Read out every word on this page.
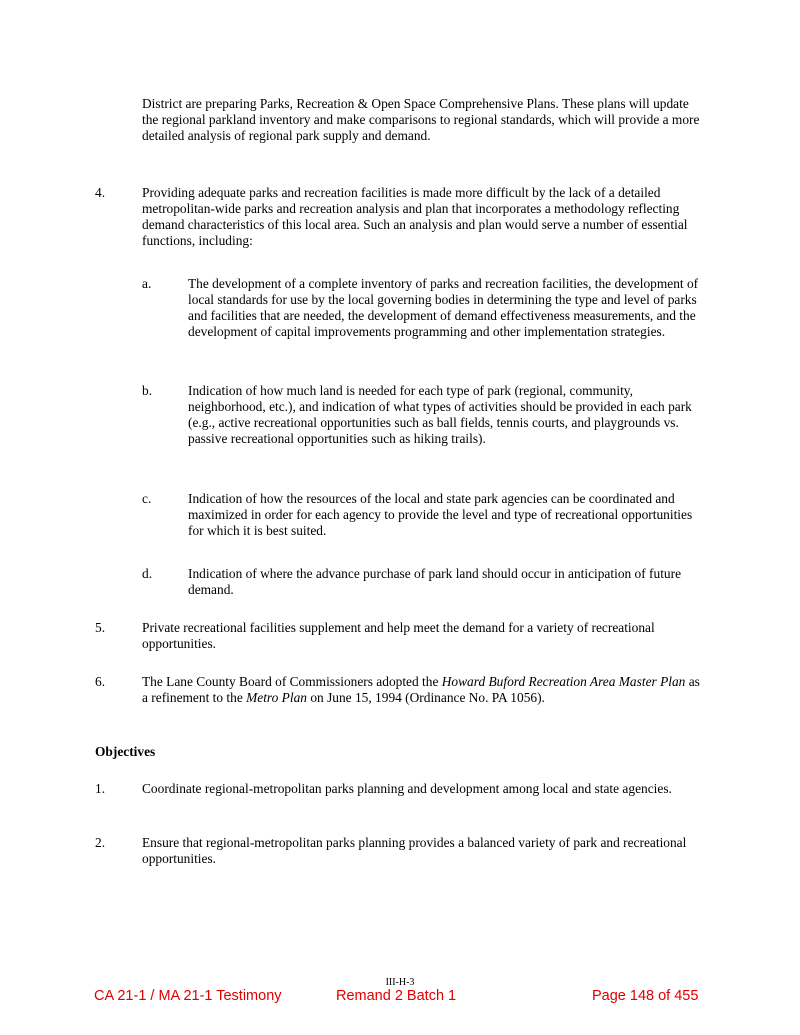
District are preparing Parks, Recreation & Open Space Comprehensive Plans. These plans will update the regional parkland inventory and make comparisons to regional standards, which will provide a more detailed analysis of regional park supply and demand.

4.	Providing adequate parks and recreation facilities is made more difficult by the lack of a detailed metropolitan-wide parks and recreation analysis and plan that incorporates a methodology reflecting demand characteristics of this local area. Such an analysis and plan would serve a number of essential functions, including:

a.	The development of a complete inventory of parks and recreation facilities, the development of local standards for use by the local governing bodies in determining the type and level of parks and facilities that are needed, the development of demand effectiveness measurements, and the development of capital improvements programming and other implementation strategies.

b.	Indication of how much land is needed for each type of park (regional, community, neighborhood, etc.), and indication of what types of activities should be provided in each park (e.g., active recreational opportunities such as ball fields, tennis courts, and playgrounds vs. passive recreational opportunities such as hiking trails).

c.	Indication of how the resources of the local and state park agencies can be coordinated and maximized in order for each agency to provide the level and type of recreational opportunities for which it is best suited.

d.	Indication of where the advance purchase of park land should occur in anticipation of future demand.

5.	Private recreational facilities supplement and help meet the demand for a variety of recreational opportunities.

6.	The Lane County Board of Commissioners adopted the Howard Buford Recreation Area Master Plan as a refinement to the Metro Plan on June 15, 1994 (Ordinance No. PA 1056).

Objectives
1.	Coordinate regional-metropolitan parks planning and development among local and state agencies.

2.	Ensure that regional-metropolitan parks planning provides a balanced variety of park and recreational opportunities.

III-H-3
CA 21-1 / MA 21-1 Testimony	Remand 2 Batch 1	Page 148 of 455
